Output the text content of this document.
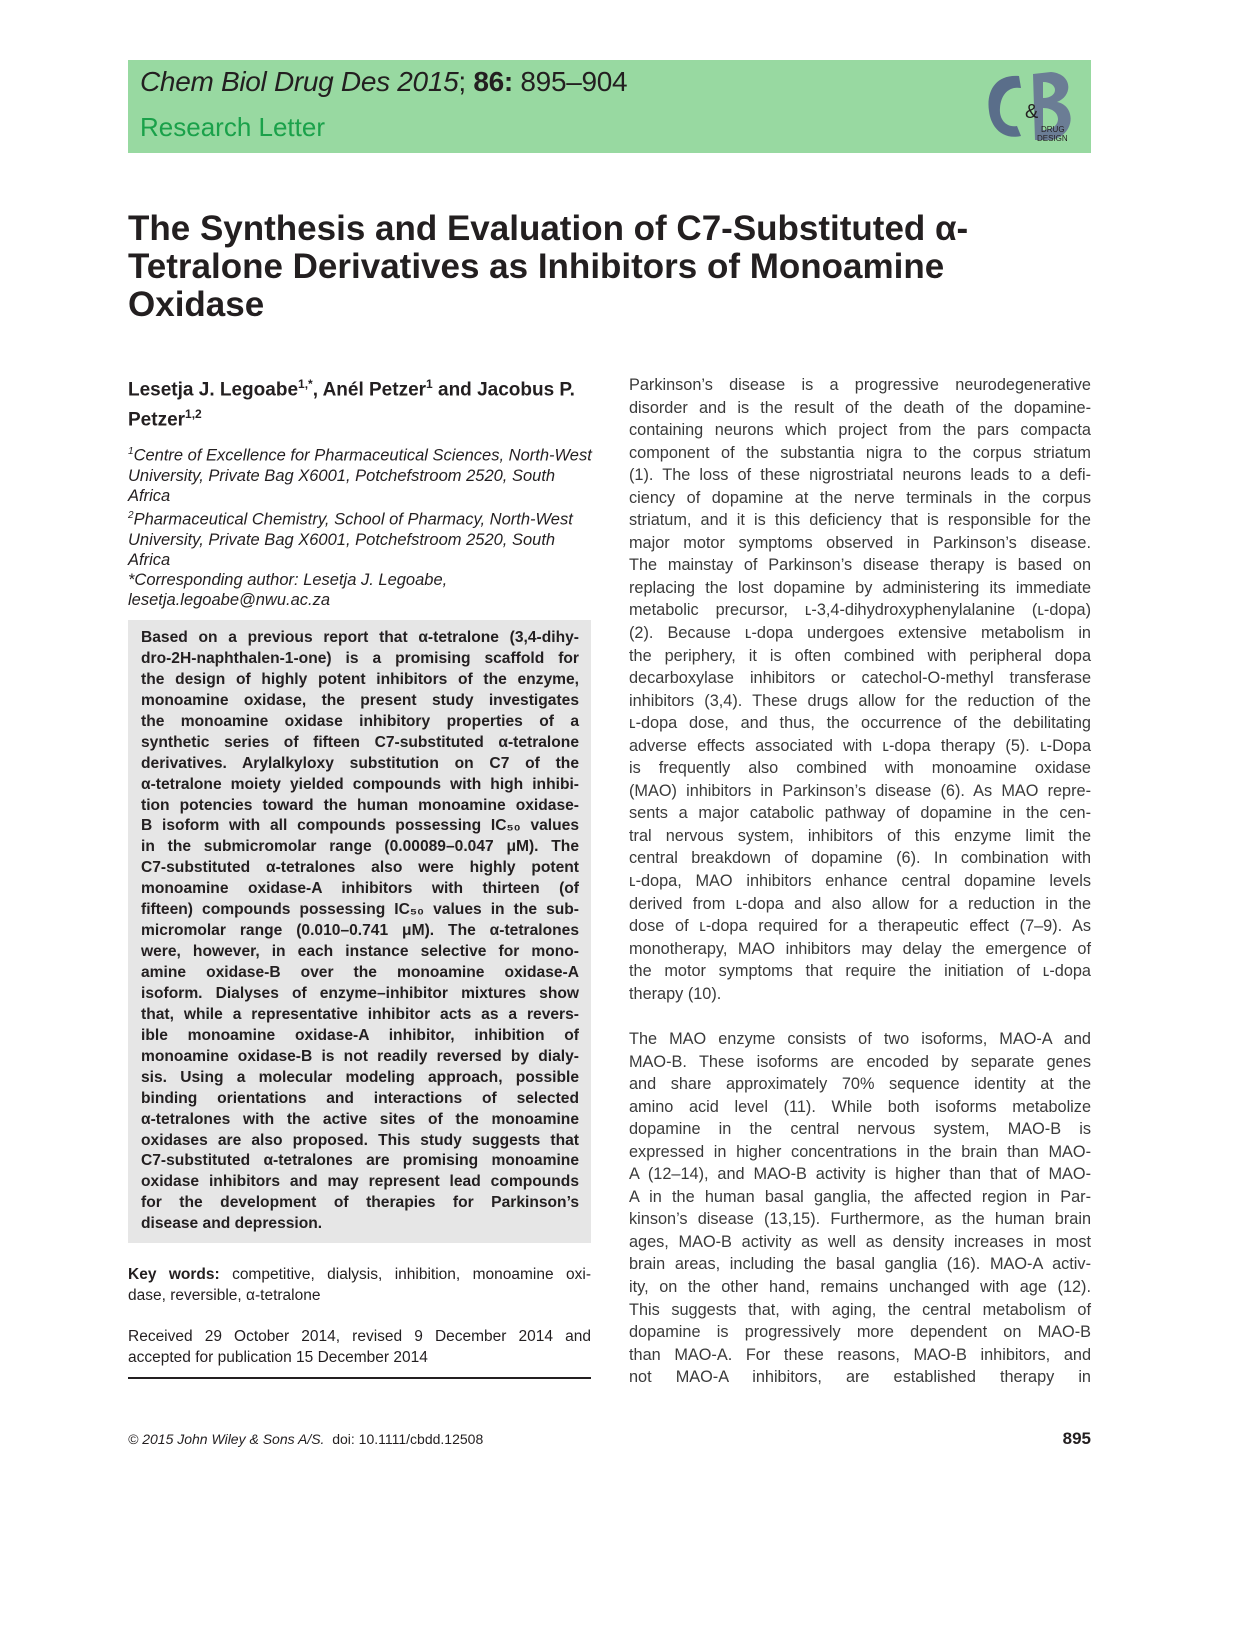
Chem Biol Drug Des 2015; 86: 895–904
Research Letter	&
DRUG
DESIGN
The Synthesis and Evaluation of C7-Substituted α-Tetralone Derivatives as Inhibitors of Monoamine Oxidase
Lesetja J. Legoabe$^{1,*}$, Anél Petzer$^1$ and Jacobus P. Petzer$^{1,2}$
$^1$Centre of Excellence for Pharmaceutical Sciences, North-West University, Private Bag X6001, Potchefstroom 2520, South Africa
$^2$Pharmaceutical Chemistry, School of Pharmacy, North-West University, Private Bag X6001, Potchefstroom 2520, South Africa
*Corresponding author: Lesetja J. Legoabe, lesetja.legoabe@nwu.ac.za
Based on a previous report that α-tetralone (3,4-dihy-
dro-2H-naphthalen-1-one) is a promising scaffold for
the design of highly potent inhibitors of the enzyme,
monoamine oxidase, the present study investigates
the monoamine oxidase inhibitory properties of a
synthetic series of fifteen C7-substituted α-tetralone
derivatives. Arylalkyloxy substitution on C7 of the
α-tetralone moiety yielded compounds with high inhibi-
tion potencies toward the human monoamine oxidase-
B isoform with all compounds possessing IC₅₀ values
in the submicromolar range (0.00089–0.047 μM). The
C7-substituted α-tetralones also were highly potent
monoamine oxidase-A inhibitors with thirteen (of
fifteen) compounds possessing IC₅₀ values in the sub-
micromolar range (0.010–0.741 μM). The α-tetralones
were, however, in each instance selective for mono-
amine oxidase-B over the monoamine oxidase-A
isoform. Dialyses of enzyme–inhibitor mixtures show
that, while a representative inhibitor acts as a revers-
ible monoamine oxidase-A inhibitor, inhibition of
monoamine oxidase-B is not readily reversed by dialy-
sis. Using a molecular modeling approach, possible
binding orientations and interactions of selected
α-tetralones with the active sites of the monoamine
oxidases are also proposed. This study suggests that
C7-substituted α-tetralones are promising monoamine
oxidase inhibitors and may represent lead compounds
for the development of therapies for Parkinson’s
disease and depression.
Key words: competitive, dialysis, inhibition, monoamine oxi-
dase, reversible, α-tetralone
Received 29 October 2014, revised 9 December 2014 and
accepted for publication 15 December 2014
Parkinson’s disease is a progressive neurodegenerative
disorder and is the result of the death of the dopamine-
containing neurons which project from the pars compacta
component of the substantia nigra to the corpus striatum
(1). The loss of these nigrostriatal neurons leads to a defi-
ciency of dopamine at the nerve terminals in the corpus
striatum, and it is this deficiency that is responsible for the
major motor symptoms observed in Parkinson’s disease.
The mainstay of Parkinson’s disease therapy is based on
replacing the lost dopamine by administering its immediate
metabolic precursor, ʟ-3,4-dihydroxyphenylalanine (ʟ-dopa)
(2). Because ʟ-dopa undergoes extensive metabolism in
the periphery, it is often combined with peripheral dopa
decarboxylase inhibitors or catechol-O-methyl transferase
inhibitors (3,4). These drugs allow for the reduction of the
ʟ-dopa dose, and thus, the occurrence of the debilitating
adverse effects associated with ʟ-dopa therapy (5). ʟ-Dopa
is frequently also combined with monoamine oxidase
(MAO) inhibitors in Parkinson’s disease (6). As MAO repre-
sents a major catabolic pathway of dopamine in the cen-
tral nervous system, inhibitors of this enzyme limit the
central breakdown of dopamine (6). In combination with
ʟ-dopa, MAO inhibitors enhance central dopamine levels
derived from ʟ-dopa and also allow for a reduction in the
dose of ʟ-dopa required for a therapeutic effect (7–9). As
monotherapy, MAO inhibitors may delay the emergence of
the motor symptoms that require the initiation of ʟ-dopa
therapy (10).
The MAO enzyme consists of two isoforms, MAO-A and
MAO-B. These isoforms are encoded by separate genes
and share approximately 70% sequence identity at the
amino acid level (11). While both isoforms metabolize
dopamine in the central nervous system, MAO-B is
expressed in higher concentrations in the brain than MAO-
A (12–14), and MAO-B activity is higher than that of MAO-
A in the human basal ganglia, the affected region in Par-
kinson’s disease (13,15). Furthermore, as the human brain
ages, MAO-B activity as well as density increases in most
brain areas, including the basal ganglia (16). MAO-A activ-
ity, on the other hand, remains unchanged with age (12).
This suggests that, with aging, the central metabolism of
dopamine is progressively more dependent on MAO-B
than MAO-A. For these reasons, MAO-B inhibitors, and
not MAO-A inhibitors, are established therapy in
© 2015 John Wiley & Sons A/S. doi: 10.1111/cbdd.12508	895
